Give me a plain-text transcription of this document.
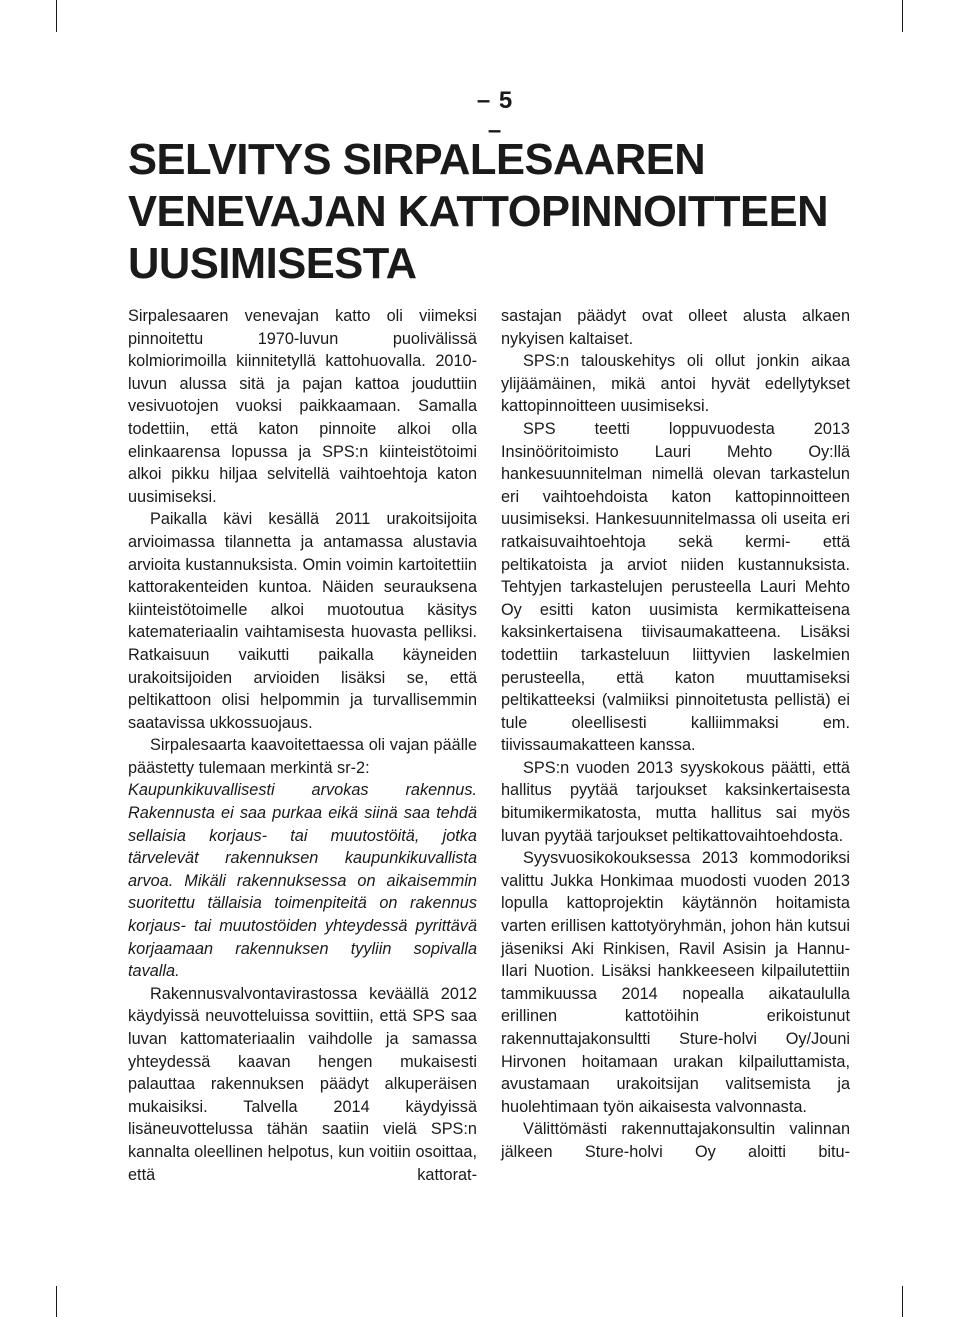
– 5 –
SELVITYS SIRPALESAAREN VENEVAJAN KATTOPINNOITTEEN UUSIMISESTA

Sirpalesaaren venevajan katto oli viimeksi pinnoitettu 1970-luvun puolivälissä kolmiorimoilla kiinnitetyllä kattohuovalla. 2010-luvun alussa sitä ja pajan kattoa jouduttiin vesivuotojen vuoksi paikkaamaan. Samalla todettiin, että katon pinnoite alkoi olla elinkaarensa lopussa ja SPS:n kiinteistötoimi alkoi pikku hiljaa selvitellä vaihtoehtoja katon uusimiseksi.

Paikalla kävi kesällä 2011 urakoitsijoita arvioimassa tilannetta ja antamassa alustavia arvioita kustannuksista. Omin voimin kartoitettiin kattorakenteiden kuntoa. Näiden seurauksena kiinteistötoimelle alkoi muotoutua käsitys katemateriaalin vaihtamisesta huovasta pelliksi. Ratkaisuun vaikutti paikalla käyneiden urakoitsijoiden arvioiden lisäksi se, että peltikattoon olisi helpommin ja turvallisemmin saatavissa ukkossuojaus.

Sirpalesaarta kaavoitettaessa oli vajan päälle päästetty tulemaan merkintä sr-2:

Kaupunkikuvallisesti arvokas rakennus. Rakennusta ei saa purkaa eikä siinä saa tehdä sellaisia korjaus- tai muutostöitä, jotka tärvelevät rakennuksen kaupunkikuvallista arvoa. Mikäli rakennuksessa on aikaisemmin suoritettu tällaisia toimenpiteitä on rakennus korjaus- tai muutostöiden yhteydessä pyrittävä korjaamaan rakennuksen tyyliin sopivalla tavalla.

Rakennusvalvontavirastossa keväällä 2012 käydyissä neuvotteluissa sovittiin, että SPS saa luvan kattomateriaalin vaihdolle ja samassa yhteydessä kaavan hengen mukaisesti palauttaa rakennuksen päädyt alkuperäisen mukaisiksi. Talvella 2014 käydyissä lisäneuvottelussa tähän saatiin vielä SPS:n kannalta oleellinen helpotus, kun voitiin osoittaa, että kattorat-

sastajan päädyt ovat olleet alusta alkaen nykyisen kaltaiset.

SPS:n talouskehitys oli ollut jonkin aikaa ylijäämäinen, mikä antoi hyvät edellytykset kattopinnoitteen uusimiseksi.

SPS teetti loppuvuodesta 2013 Insinööritoimisto Lauri Mehto Oy:llä hankesuunnitelman nimellä olevan tarkastelun eri vaihtoehdoista katon kattopinnoitteen uusimiseksi. Hankesuunnitelmassa oli useita eri ratkaisuvaihtoehtoja sekä kermi- että peltikatoista ja arviot niiden kustannuksista. Tehtyjen tarkastelujen perusteella Lauri Mehto Oy esitti katon uusimista kermikatteisena kaksinkertaisena tiivisaumakatteena. Lisäksi todettiin tarkasteluun liittyvien laskelmien perusteella, että katon muuttamiseksi peltikatteeksi (valmiiksi pinnoitetusta pellistä) ei tule oleellisesti kalliimmaksi em. tiivissaumakatteen kanssa.

SPS:n vuoden 2013 syyskokous päätti, että hallitus pyytää tarjoukset kaksinkertaisesta bitumikermikatosta, mutta hallitus sai myös luvan pyytää tarjoukset peltikattovaihtoehdosta.

Syysvuosikokouksessa 2013 kommodoriksi valittu Jukka Honkimaa muodosti vuoden 2013 lopulla kattoprojektin käytännön hoitamista varten erillisen kattotyöryhmän, johon hän kutsui jäseniksi Aki Rinkisen, Ravil Asisin ja Hannu-Ilari Nuotion. Lisäksi hankkeeseen kilpailutettiin tammikuussa 2014 nopealla aikataululla erillinen kattotöihin erikoistunut rakennuttajakonsultti Sture-holvi Oy/Jouni Hirvonen hoitamaan urakan kilpailuttamista, avustamaan urakoitsijan valitsemista ja huolehtimaan työn aikaisesta valvonnasta.

Välittömästi rakennuttajakonsultin valinnan jälkeen Sture-holvi Oy aloitti bitu-
